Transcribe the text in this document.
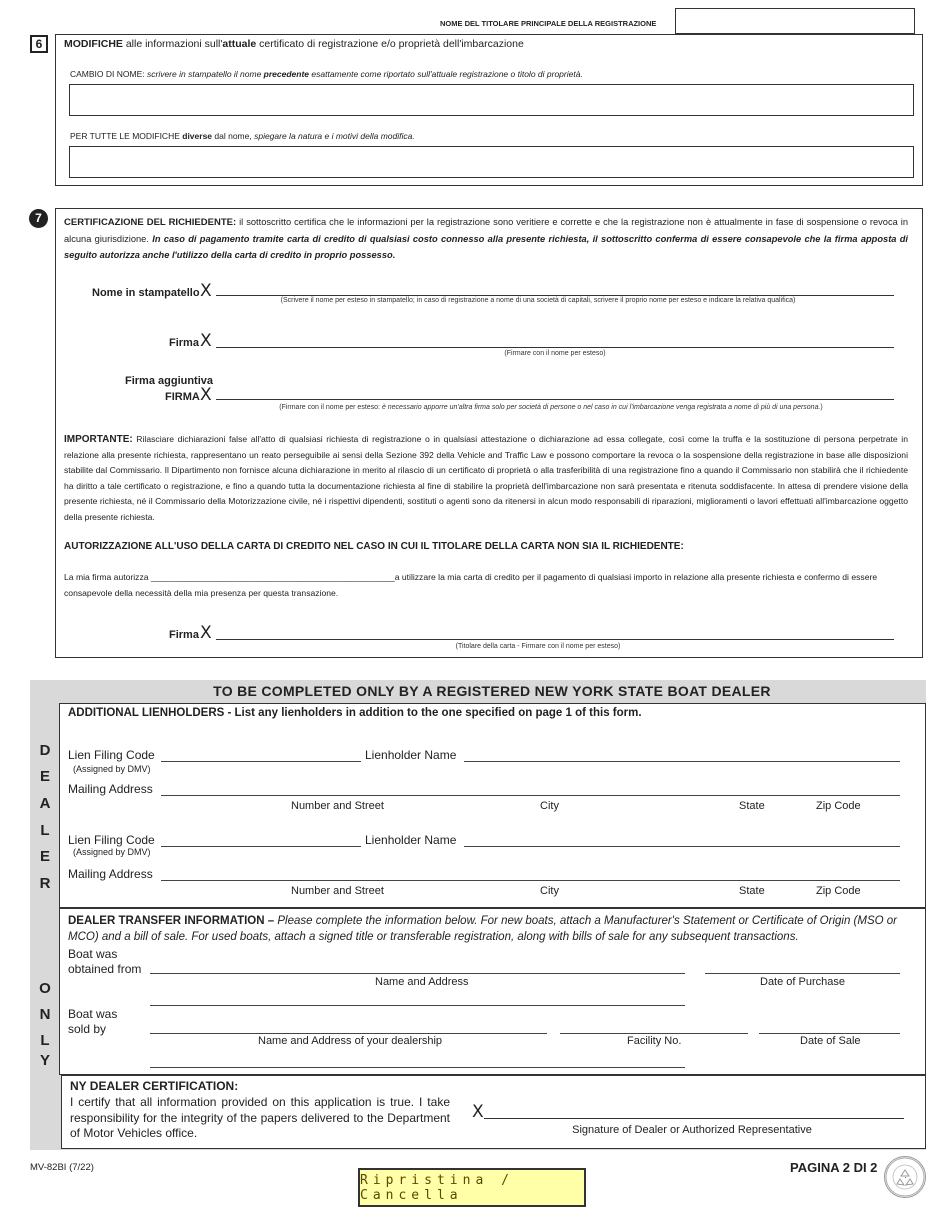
NOME DEL TITOLARE PRINCIPALE DELLA REGISTRAZIONE
6	MODIFICHE alle informazioni sull'attuale certificato di registrazione e/o proprietà dell'imbarcazione
CAMBIO DI NOME: scrivere in stampatello il nome precedente esattamente come riportato sull'attuale registrazione o titolo di proprietà.
PER TUTTE LE MODIFICHE diverse dal nome, spiegare la natura e i motivi della modifica.
7	CERTIFICAZIONE DEL RICHIEDENTE: il sottoscritto certifica che le informazioni per la registrazione sono veritiere e corrette e che la registrazione non è attualmente in fase di sospensione o revoca in alcuna giurisdizione. In caso di pagamento tramite carta di credito di qualsiasi costo connesso alla presente richiesta, il sottoscritto conferma di essere consapevole che la firma apposta di seguito autorizza anche l'utilizzo della carta di credito in proprio possesso.
Nome in stampatello X	(Scrivere il nome per esteso in stampatello; in caso di registrazione a nome di una società di capitali, scrivere il proprio nome per esteso e indicare la relativa qualifica)
Firma X
(Firmare con il nome per esteso)
Firma aggiuntiva
FIRMA X
(Firmare con il nome per esteso: è necessario apporre un'altra firma solo per società di persone o nel caso in cui l'imbarcazione venga registrata a nome di più di una persona.)
IMPORTANTE: Rilasciare dichiarazioni false all'atto di qualsiasi richiesta di registrazione o in qualsiasi attestazione o dichiarazione ad essa collegate, così come la truffa e la sostituzione di persona perpetrate in relazione alla presente richiesta, rappresentano un reato perseguibile ai sensi della Sezione 392 della Vehicle and Traffic Law e possono comportare la revoca o la sospensione della registrazione in base alle disposizioni stabilite dal Commissario. Il Dipartimento non fornisce alcuna dichiarazione in merito al rilascio di un certificato di proprietà o alla trasferibilità di una registrazione fino a quando il Commissario non stabilirà che il richiedente ha diritto a tale certificato o registrazione, e fino a quando tutta la documentazione richiesta al fine di stabilire la proprietà dell'imbarcazione non sarà presentata e ritenuta soddisfacente. In attesa di prendere visione della presente richiesta, né il Commissario della Motorizzazione civile, né i rispettivi dipendenti, sostituti o agenti sono da ritenersi in alcun modo responsabili di riparazioni, miglioramenti o lavori effettuati all'imbarcazione oggetto della presente richiesta.
AUTORIZZAZIONE ALL'USO DELLA CARTA DI CREDITO NEL CASO IN CUI IL TITOLARE DELLA CARTA NON SIA IL RICHIEDENTE:
La mia firma autorizza ___________________________________________________a utilizzare la mia carta di credito per il pagamento di qualsiasi importo in relazione alla presente richiesta e confermo di essere consapevole della necessità della mia presenza per questa transazione.
Firma X
(Titolare della carta - Firmare con il nome per esteso)
TO BE COMPLETED ONLY BY A REGISTERED NEW YORK STATE BOAT DEALER
D
E
A
L
E
R
O
N
L
Y
ADDITIONAL LIENHOLDERS - List any lienholders in addition to the one specified on page 1 of this form.
Lien Filing Code
(Assigned by DMV)
Lienholder Name
Mailing Address
Number and Street	City	State	Zip Code
Lien Filing Code
(Assigned by DMV)
Lienholder Name
Mailing Address
Number and Street	City	State	Zip Code
DEALER TRANSFER INFORMATION – Please complete the information below. For new boats, attach a Manufacturer's Statement or Certificate of Origin (MSO or MCO) and a bill of sale. For used boats, attach a signed title or transferable registration, along with bills of sale for any subsequent transactions.
Boat was
obtained from
Name and Address	Date of Purchase
Boat was
sold by
Name and Address of your dealership	Facility No.	Date of Sale
NY DEALER CERTIFICATION:
I certify that all information provided on this application is true. I take responsibility for the integrity of the papers delivered to the Department of Motor Vehicles office.
X
Signature of Dealer or Authorized Representative
MV-82BI (7/22)
Ripristina / Cancella
PAGINA 2 DI 2
